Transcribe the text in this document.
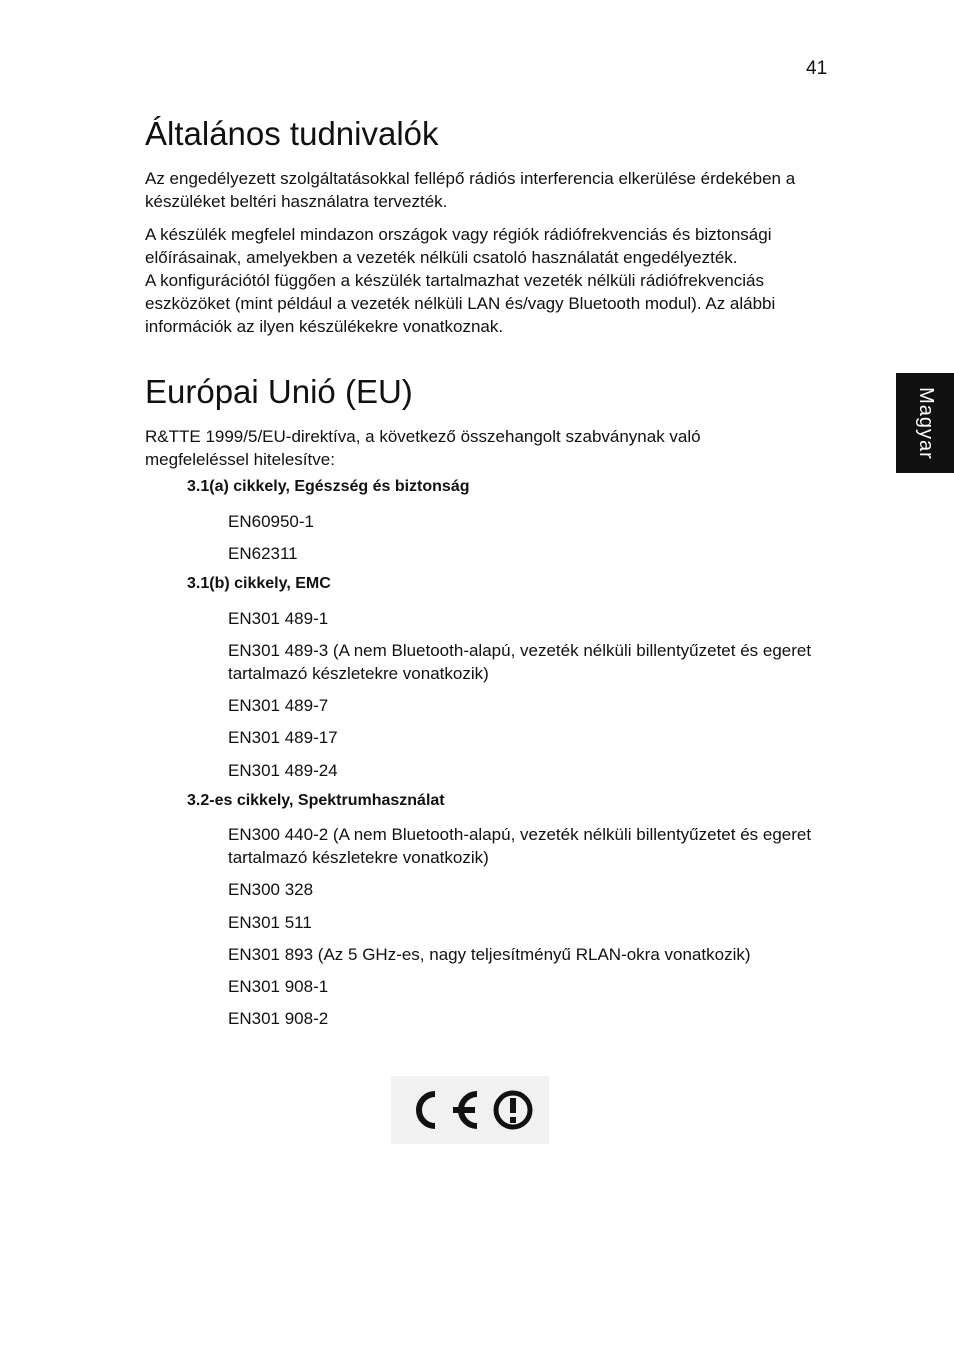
41
Magyar
Általános tudnivalók

Az engedélyezett szolgáltatásokkal fellépő rádiós interferencia elkerülése érdekében a készüléket beltéri használatra tervezték.

A készülék megfelel mindazon országok vagy régiók rádiófrekvenciás és biztonsági előírásainak, amelyekben a vezeték nélküli csatoló használatát engedélyezték.

A konfigurációtól függően a készülék tartalmazhat vezeték nélküli rádiófrekvenciás eszközöket (mint például a vezeték nélküli LAN és/vagy Bluetooth modul). Az alábbi információk az ilyen készülékekre vonatkoznak.

Európai Unió (EU)

R&TTE 1999/5/EU-direktíva, a következő összehangolt szabványnak való megfeleléssel hitelesítve:

3.1(a) cikkely, Egészség és biztonság

EN60950-1

EN62311

3.1(b) cikkely, EMC

EN301 489-1

EN301 489-3 (A nem Bluetooth-alapú, vezeték nélküli billentyűzetet és egeret tartalmazó készletekre vonatkozik)

EN301 489-7

EN301 489-17

EN301 489-24

3.2-es cikkely, Spektrumhasználat

EN300 440-2 (A nem Bluetooth-alapú, vezeték nélküli billentyűzetet és egeret tartalmazó készletekre vonatkozik)

EN300 328

EN301 511

EN301 893 (Az 5 GHz-es, nagy teljesítményű RLAN-okra vonatkozik)

EN301 908-1

EN301 908-2
